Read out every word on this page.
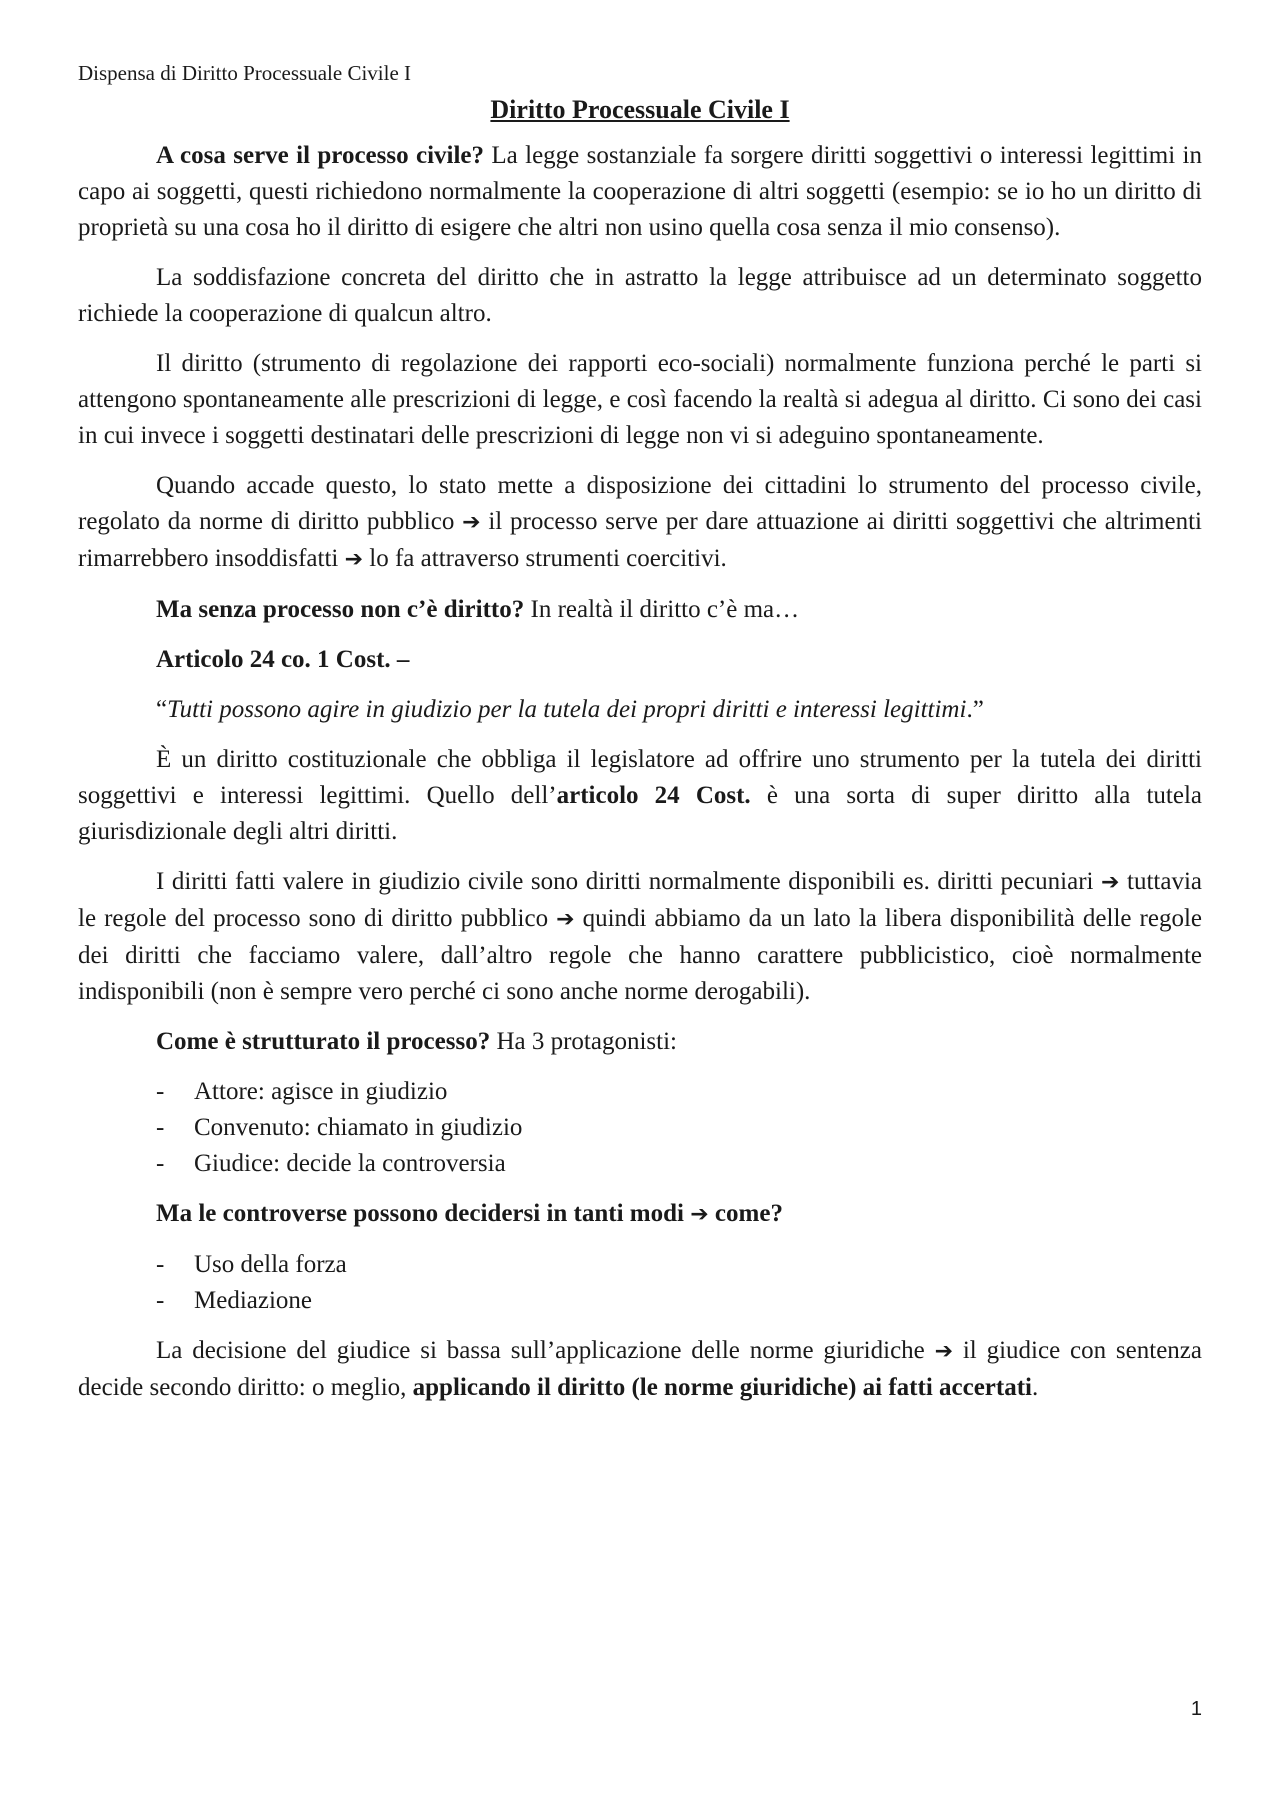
Dispensa di Diritto Processuale Civile I
Diritto Processuale Civile I

A cosa serve il processo civile? La legge sostanziale fa sorgere diritti soggettivi o interessi legittimi in capo ai soggetti, questi richiedono normalmente la cooperazione di altri soggetti (esempio: se io ho un diritto di proprietà su una cosa ho il diritto di esigere che altri non usino quella cosa senza il mio consenso).

La soddisfazione concreta del diritto che in astratto la legge attribuisce ad un determinato soggetto richiede la cooperazione di qualcun altro.

Il diritto (strumento di regolazione dei rapporti eco-sociali) normalmente funziona perché le parti si attengono spontaneamente alle prescrizioni di legge, e così facendo la realtà si adegua al diritto. Ci sono dei casi in cui invece i soggetti destinatari delle prescrizioni di legge non vi si adeguino spontaneamente.

Quando accade questo, lo stato mette a disposizione dei cittadini lo strumento del processo civile, regolato da norme di diritto pubblico ➔ il processo serve per dare attuazione ai diritti soggettivi che altrimenti rimarrebbero insoddisfatti ➔ lo fa attraverso strumenti coercitivi.

Ma senza processo non c’è diritto? In realtà il diritto c’è ma…

Articolo 24 co. 1 Cost. –

“Tutti possono agire in giudizio per la tutela dei propri diritti e interessi legittimi.”

È un diritto costituzionale che obbliga il legislatore ad offrire uno strumento per la tutela dei diritti soggettivi e interessi legittimi. Quello dell’articolo 24 Cost. è una sorta di super diritto alla tutela giurisdizionale degli altri diritti.

I diritti fatti valere in giudizio civile sono diritti normalmente disponibili es. diritti pecuniari ➔ tuttavia le regole del processo sono di diritto pubblico ➔ quindi abbiamo da un lato la libera disponibilità delle regole dei diritti che facciamo valere, dall’altro regole che hanno carattere pubblicistico, cioè normalmente indisponibili (non è sempre vero perché ci sono anche norme derogabili).

Come è strutturato il processo? Ha 3 protagonisti:

- Attore: agisce in giudizio
- Convenuto: chiamato in giudizio
- Giudice: decide la controversia

Ma le controverse possono decidersi in tanti modi ➔ come?

- Uso della forza
- Mediazione

La decisione del giudice si bassa sull’applicazione delle norme giuridiche ➔ il giudice con sentenza decide secondo diritto: o meglio, applicando il diritto (le norme giuridiche) ai fatti accertati.

1
